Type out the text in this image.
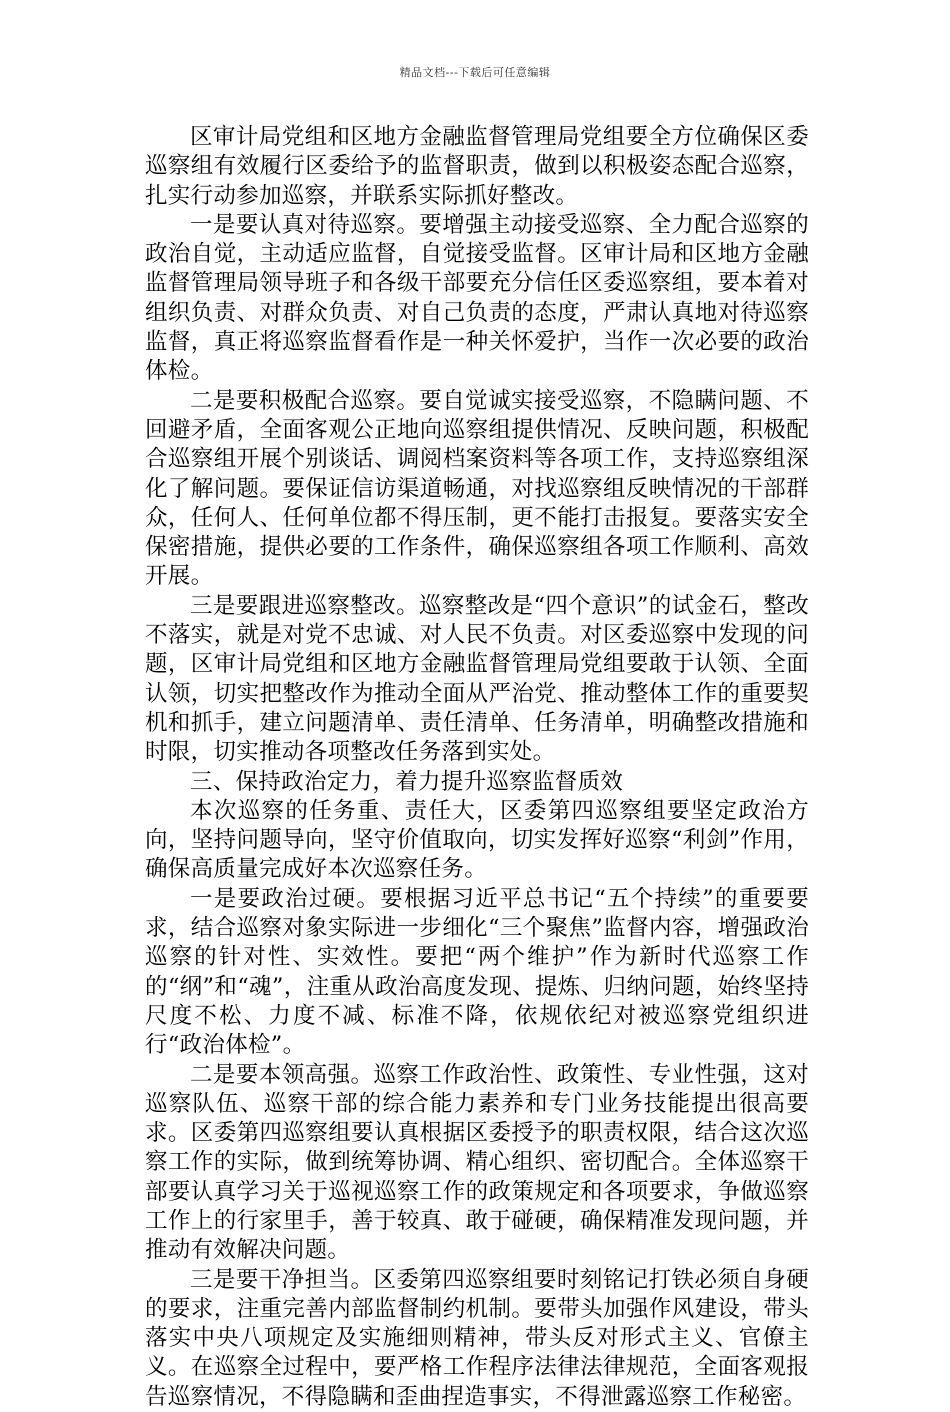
精品文档---下载后可任意编辑

区审计局党组和区地方金融监督管理局党组要全方位确保区委巡察组有效履行区委给予的监督职责，做到以积极姿态配合巡察，扎实行动参加巡察，并联系实际抓好整改。

一是要认真对待巡察。要增强主动接受巡察、全力配合巡察的政治自觉，主动适应监督，自觉接受监督。区审计局和区地方金融监督管理局领导班子和各级干部要充分信任区委巡察组，要本着对组织负责、对群众负责、对自己负责的态度，严肃认真地对待巡察监督，真正将巡察监督看作是一种关怀爱护，当作一次必要的政治体检。

二是要积极配合巡察。要自觉诚实接受巡察，不隐瞒问题、不回避矛盾，全面客观公正地向巡察组提供情况、反映问题，积极配合巡察组开展个别谈话、调阅档案资料等各项工作，支持巡察组深化了解问题。要保证信访渠道畅通，对找巡察组反映情况的干部群众，任何人、任何单位都不得压制，更不能打击报复。要落实安全保密措施，提供必要的工作条件，确保巡察组各项工作顺利、高效开展。

三是要跟进巡察整改。巡察整改是“四个意识”的试金石，整改不落实，就是对党不忠诚、对人民不负责。对区委巡察中发现的问题，区审计局党组和区地方金融监督管理局党组要敢于认领、全面认领，切实把整改作为推动全面从严治党、推动整体工作的重要契机和抓手，建立问题清单、责任清单、任务清单，明确整改措施和时限，切实推动各项整改任务落到实处。

三、保持政治定力，着力提升巡察监督质效

本次巡察的任务重、责任大，区委第四巡察组要坚定政治方向，坚持问题导向，坚守价值取向，切实发挥好巡察“利剑”作用，确保高质量完成好本次巡察任务。

一是要政治过硬。要根据习近平总书记“五个持续”的重要要求，结合巡察对象实际进一步细化“三个聚焦”监督内容，增强政治巡察的针对性、实效性。要把“两个维护”作为新时代巡察工作的“纲”和“魂”，注重从政治高度发现、提炼、归纳问题，始终坚持尺度不松、力度不减、标准不降，依规依纪对被巡察党组织进行“政治体检”。

二是要本领高强。巡察工作政治性、政策性、专业性强，这对巡察队伍、巡察干部的综合能力素养和专门业务技能提出很高要求。区委第四巡察组要认真根据区委授予的职责权限，结合这次巡察工作的实际，做到统筹协调、精心组织、密切配合。全体巡察干部要认真学习关于巡视巡察工作的政策规定和各项要求，争做巡察工作上的行家里手，善于较真、敢于碰硬，确保精准发现问题，并推动有效解决问题。

三是要干净担当。区委第四巡察组要时刻铭记打铁必须自身硬的要求，注重完善内部监督制约机制。要带头加强作风建设，带头落实中央八项规定及实施细则精神，带头反对形式主义、官僚主义。在巡察全过程中，要严格工作程序法律法律规范，全面客观报告巡察情况，不得隐瞒和歪曲捏造事实，不得泄露巡察工作秘密。
